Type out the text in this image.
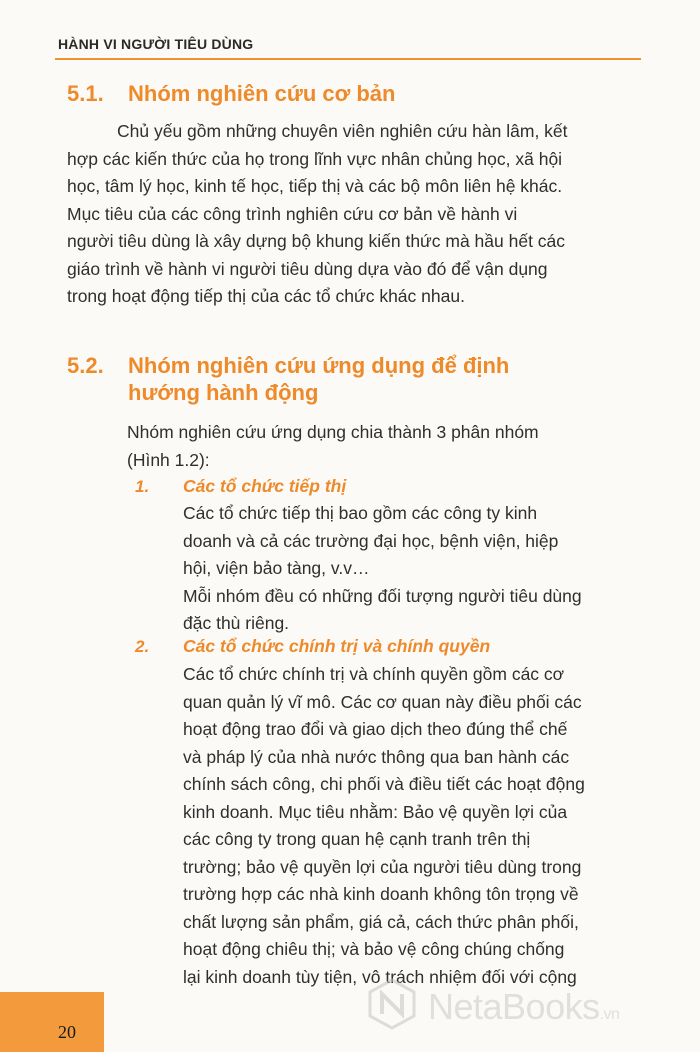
HÀNH VI NGƯỜI TIÊU DÙNG
5.1. Nhóm nghiên cứu cơ bản
Chủ yếu gồm những chuyên viên nghiên cứu hàn lâm, kết
hợp các kiến thức của họ trong lĩnh vực nhân chủng học, xã hội
học, tâm lý học, kinh tế học, tiếp thị và các bộ môn liên hệ khác.
Mục tiêu của các công trình nghiên cứu cơ bản về hành vi
người tiêu dùng là xây dựng bộ khung kiến thức mà hầu hết các
giáo trình về hành vi người tiêu dùng dựa vào đó để vận dụng
trong hoạt động tiếp thị của các tổ chức khác nhau.
5.2. Nhóm nghiên cứu ứng dụng để định
hướng hành động
Nhóm nghiên cứu ứng dụng chia thành 3 phân nhóm
(Hình 1.2):
1. Các tổ chức tiếp thị
Các tổ chức tiếp thị bao gồm các công ty kinh
doanh và cả các trường đại học, bệnh viện, hiệp
hội, viện bảo tàng, v.v…
Mỗi nhóm đều có những đối tượng người tiêu dùng
đặc thù riêng.
2. Các tổ chức chính trị và chính quyền
Các tổ chức chính trị và chính quyền gồm các cơ
quan quản lý vĩ mô. Các cơ quan này điều phối các
hoạt động trao đổi và giao dịch theo đúng thể chế
và pháp lý của nhà nước thông qua ban hành các
chính sách công, chi phối và điều tiết các hoạt động
kinh doanh. Mục tiêu nhằm: Bảo vệ quyền lợi của
các công ty trong quan hệ cạnh tranh trên thị
trường; bảo vệ quyền lợi của người tiêu dùng trong
trường hợp các nhà kinh doanh không tôn trọng về
chất lượng sản phẩm, giá cả, cách thức phân phối,
hoạt động chiêu thị; và bảo vệ công chúng chống
lại kinh doanh tùy tiện, vô trách nhiệm đối với cộng
20
NetaBooks.vn
